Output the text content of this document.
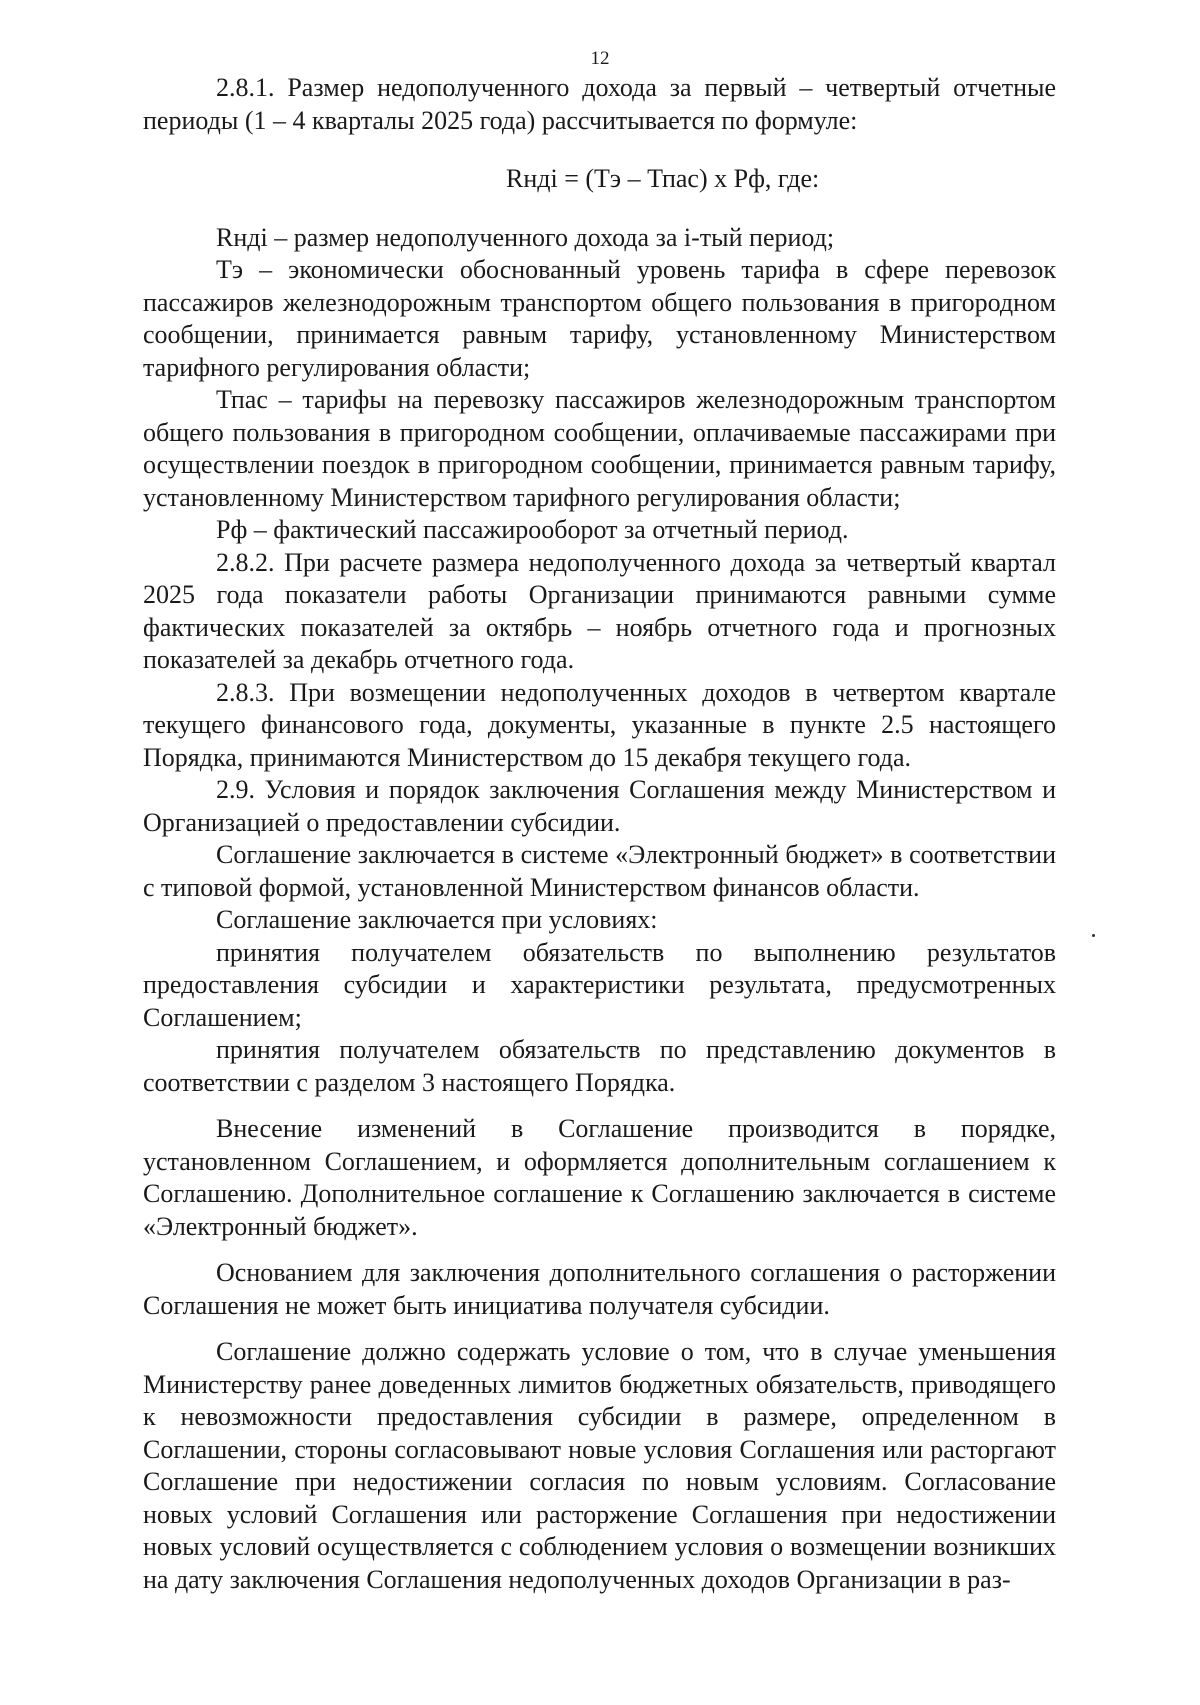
12

2.8.1. Размер недополученного дохода за первый – четвертый отчетные периоды (1 – 4 кварталы 2025 года) рассчитывается по формуле:

Rндi = (Тэ – Тпас) х Рф, где:

Rндi – размер недополученного дохода за i-тый период;

Тэ – экономически обоснованный уровень тарифа в сфере перевозок пассажиров железнодорожным транспортом общего пользования в пригородном сообщении, принимается равным тарифу, установленному Министерством тарифного регулирования области;

Тпас – тарифы на перевозку пассажиров железнодорожным транспортом общего пользования в пригородном сообщении, оплачиваемые пассажирами при осуществлении поездок в пригородном сообщении, принимается равным тарифу, установленному Министерством тарифного регулирования области;

Рф – фактический пассажирооборот за отчетный период.

2.8.2. При расчете размера недополученного дохода за четвертый квартал 2025 года показатели работы Организации принимаются равными сумме фактических показателей за октябрь – ноябрь отчетного года и прогнозных показателей за декабрь отчетного года.

2.8.3. При возмещении недополученных доходов в четвертом квартале текущего финансового года, документы, указанные в пункте 2.5 настоящего Порядка, принимаются Министерством до 15 декабря текущего года.

2.9. Условия и порядок заключения Соглашения между Министерством и Организацией о предоставлении субсидии.

Соглашение заключается в системе «Электронный бюджет» в соответствии с типовой формой, установленной Министерством финансов области.

Соглашение заключается при условиях:

принятия получателем обязательств по выполнению результатов предоставления субсидии и характеристики результата, предусмотренных Соглашением;

принятия получателем обязательств по представлению документов в соответствии с разделом 3 настоящего Порядка.

Внесение изменений в Соглашение производится в порядке, установленном Соглашением, и оформляется дополнительным соглашением к Соглашению. Дополнительное соглашение к Соглашению заключается в системе «Электронный бюджет».

Основанием для заключения дополнительного соглашения о расторжении Соглашения не может быть инициатива получателя субсидии.

Соглашение должно содержать условие о том, что в случае уменьшения Министерству ранее доведенных лимитов бюджетных обязательств, приводящего к невозможности предоставления субсидии в размере, определенном в Соглашении, стороны согласовывают новые условия Соглашения или расторгают Соглашение при недостижении согласия по новым условиям. Согласование новых условий Соглашения или расторжение Соглашения при недостижении новых условий осуществляется с соблюдением условия о возмещении возникших на дату заключения Соглашения недополученных доходов Организации в раз-
